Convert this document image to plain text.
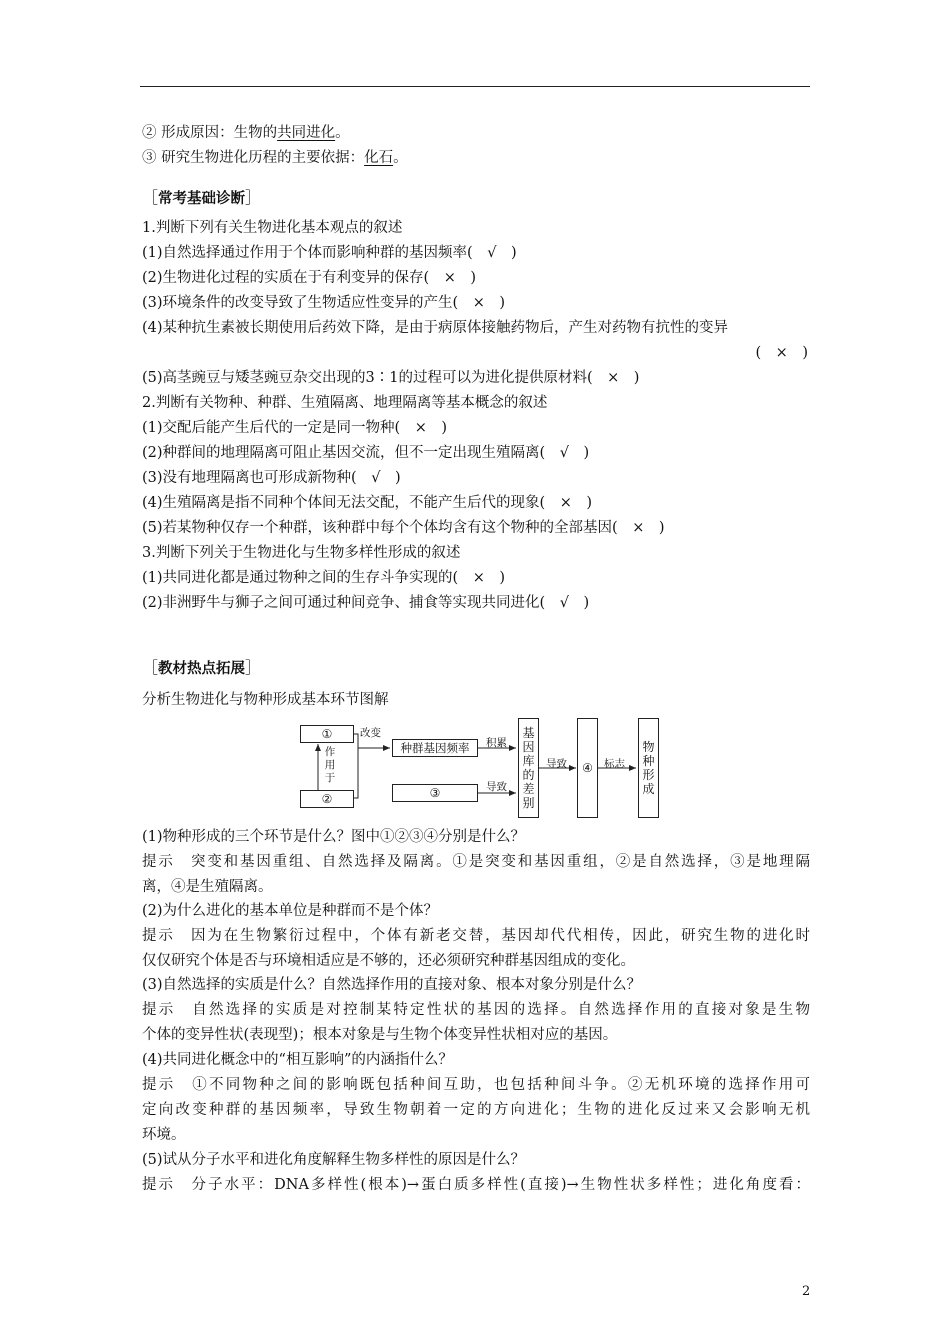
② 形成原因：生物的共同进化。
③ 研究生物进化历程的主要依据：化石。
［常考基础诊断］
1.判断下列有关生物进化基本观点的叙述
(1)自然选择通过作用于个体而影响种群的基因频率(　 √　)
(2)生物进化过程的实质在于有利变异的保存(　 ×　)
(3)环境条件的改变导致了生物适应性变异的产生(　 ×　)
(4)某种抗生素被长期使用后药效下降，是由于病原体接触药物后，产生对药物有抗性的变异
(　×　)
(5)高茎豌豆与矮茎豌豆杂交出现的3∶1的过程可以为进化提供原材料(　 ×　)
2.判断有关物种、种群、生殖隔离、地理隔离等基本概念的叙述
(1)交配后能产生后代的一定是同一物种(　 ×　)
(2)种群间的地理隔离可阻止基因交流，但不一定出现生殖隔离(　 √　)
(3)没有地理隔离也可形成新物种(　 √　)
(4)生殖隔离是指不同种个体间无法交配，不能产生后代的现象(　 ×　)
(5)若某物种仅存一个种群，该种群中每个个体均含有这个物种的全部基因(　 ×　)
3.判断下列关于生物进化与生物多样性形成的叙述
(1)共同进化都是通过物种之间的生存斗争实现的(　 ×　)
(2)非洲野牛与狮子之间可通过种间竞争、捕食等实现共同进化(　 √　)
［教材热点拓展］
分析生物进化与物种形成基本环节图解
①
②
作用于
改变
种群基因频率
③
积累
导致
基因库的差别
导致	④	标志
物种形成
(1)物种形成的三个环节是什么？图中①②③④分别是什么？
提示　突变和基因重组、自然选择及隔离。①是突变和基因重组，②是自然选择，③是地理隔
离，④是生殖隔离。
(2)为什么进化的基本单位是种群而不是个体？
提示　因为在生物繁衍过程中，个体有新老交替，基因却代代相传，因此，研究生物的进化时
仅仅研究个体是否与环境相适应是不够的，还必须研究种群基因组成的变化。
(3)自然选择的实质是什么？自然选择作用的直接对象、根本对象分别是什么？
提示　自然选择的实质是对控制某特定性状的基因的选择。自然选择作用的直接对象是生物
个体的变异性状(表现型)；根本对象是与生物个体变异性状相对应的基因。
(4)共同进化概念中的“相互影响”的内涵指什么？
提示　①不同物种之间的影响既包括种间互助，也包括种间斗争。②无机环境的选择作用可
定向改变种群的基因频率，导致生物朝着一定的方向进化；生物的进化反过来又会影响无机
环境。
(5)试从分子水平和进化角度解释生物多样性的原因是什么？
提示　分子水平：DNA多样性(根本)→蛋白质多样性(直接)→生物性状多样性；进化角度看：
2
